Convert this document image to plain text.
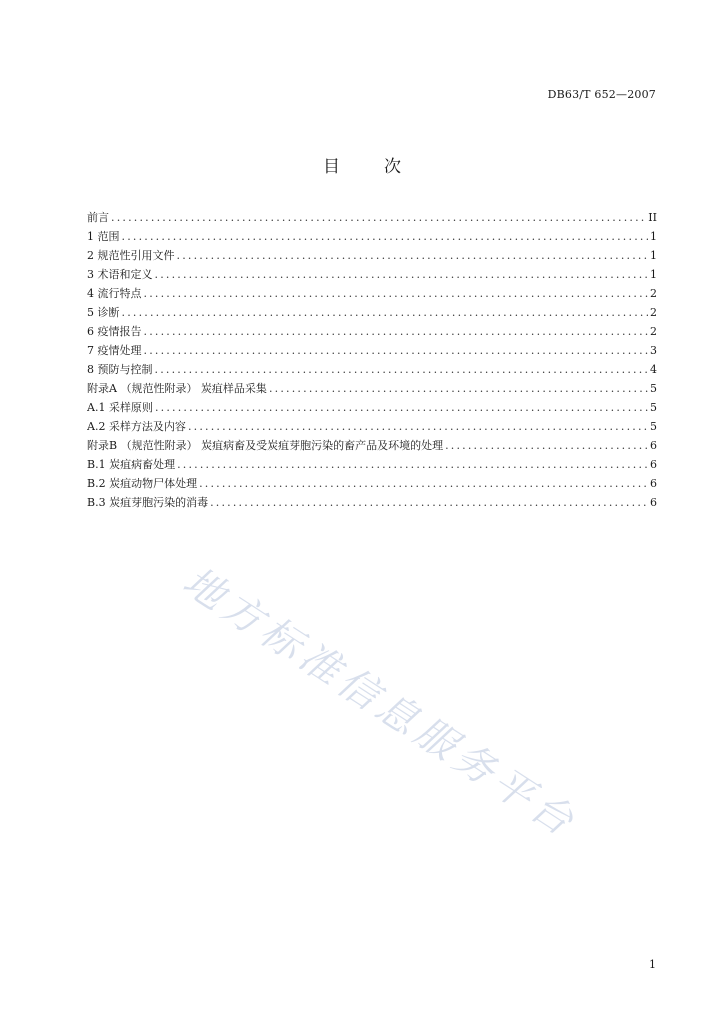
DB63/T 652—2007
目次
前言 .....	II
1 范围 .....	1
2 规范性引用文件 .....	1
3 术语和定义 .....	1
4 流行特点 .....	2
5 诊断 .....	2
6 疫情报告 .....	2
7 疫情处理 .....	3
8 预防与控制 .....	4
附录A （规范性附录） 炭疽样品采集 .....	5
A.1 采样原则 .....	5
A.2 采样方法及内容 .....	5
附录B （规范性附录） 炭疽病畜及受炭疽芽胞污染的畜产品及环境的处理 .....	6
B.1 炭疽病畜处理 .....	6
B.2 炭疽动物尸体处理 .....	6
B.3 炭疽芽胞污染的消毒 .....	6
地方标准信息服务平台
1
